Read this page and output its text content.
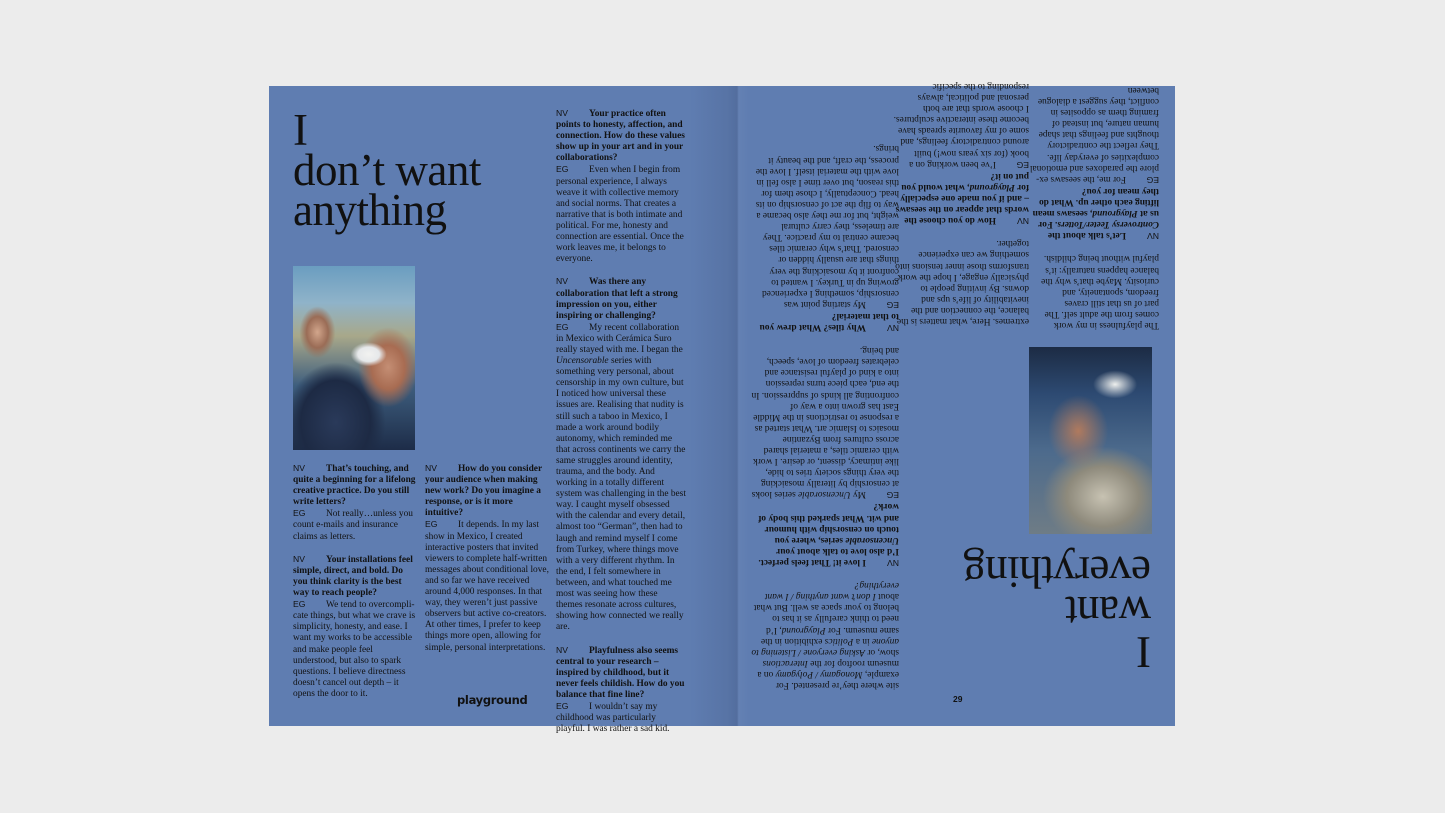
I
don’t want
anything

NV That’s touching, and quite a beginning for a lifelong creative practice. Do you still write letters?

EG Not really…unless you count e-mails and insurance claims as letters.

NV Your installations feel simple, direct, and bold. Do you think clarity is the best way to reach people?

EG We tend to overcomplicate things, but what we crave is simplicity, honesty, and ease. I want my works to be accessible and make people feel understood, but also to spark questions. I believe directness doesn’t cancel out depth – it opens the door to it.

NV How do you consider your audience when making new work? Do you imagine a response, or is it more intuitive?

EG It depends. In my last show in Mexico, I created interactive posters that invited viewers to complete half-written messages about conditional love, and so far we have received around 4,000 responses. In that way, they weren’t just passive observers but active co-creators. At other times, I prefer to keep things more open, allowing for simple, personal interpretations.

NV Your practice often points to honesty, affection, and connection. How do these values show up in your art and in your collaborations?

EG Even when I begin from personal experience, I always weave it with collective memory and social norms. That creates a narrative that is both intimate and political. For me, honesty and connection are essential. Once the work leaves me, it belongs to everyone.

NV Was there any collaboration that left a strong impression on you, either inspiring or challenging?

EG My recent collaboration in Mexico with Cerámica Suro really stayed with me. I began the Uncensorable series with something very personal, about censorship in my own culture, but I noticed how universal these issues are. Realising that nudity is still such a taboo in Mexico, I made a work around bodily autonomy, which reminded me that across continents we carry the same struggles around identity, trauma, and the body. And working in a totally different system was challenging in the best way. I caught myself obsessed with the calendar and every detail, almost too “German”, then had to laugh and remind myself I come from Turkey, where things move with a very different rhythm. In the end, I felt somewhere in between, and what touched me most was seeing how these themes resonate across cultures, showing how connected we really are.

NV Playfulness also seems central to your research – inspired by childhood, but it never feels childish. How do you balance that fine line?

EG I wouldn’t say my childhood was particularly playful. I was rather a sad kid.

playground
I
want
everything

The playfulness in my work comes from the adult self. The part of us that still craves freedom, spontaneity, and curiosity. Maybe that’s why the balance happens naturally: it’s playful without being childish.

NVLet’s talk about the Controversy Teeter/Totters. For us at Playground, seesaws mean lifting each other up. What do they mean for you?

EGFor me, the seesaws explore the paradoxes and emotional complexities of everyday life. They reflect the contradictory thoughts and feelings that shape human nature, but instead of framing them as opposites in conflict, they suggest a dialogue between

extremes. Here, what matters is the balance, the connection and the inevitability of life’s ups and downs. By inviting people to physically engage, I hope the work transforms those inner tensions into something we can experience together.

NVHow do you choose the words that appear on the seesaws – and if you made one especially for Playground, what would you put on it?

EGI’ve been working on a book (for six years now!) built around contradictory feelings, and some of my favourite spreads have become these interactive sculptures. I choose words that are both personal and political, always responding to the specific

site where they’re presented. For example, Monogamy / Polygamy on a museum rooftop for the Interactions show, or Asking everyone / Listening to anyone in a Politics exhibition in the same museum. For Playground, I’d need to think carefully as it has to belong to your space as well. But what about I don’t want anything / I want everything?

NVI love it! That feels perfect. I’d also love to talk about your Uncensorable series, where you touch on censorship with humour and wit. What sparked this body of work?

EGMy Uncensorable series looks at censorship by literally mosaicking the very things society tries to hide, like intimacy, dissent, or desire. I work with ceramic tiles, a material shared across cultures from Byzantine mosaics to Islamic art. What started as a response to restrictions in the Middle East has grown into a way of confronting all kinds of suppression. In the end, each piece turns repression into a kind of playful resistance and celebrates freedom of love, speech, and being.

NVWhy tiles? What drew you to that material?

EGMy starting point was censorship, something I experienced growing up in Turkey. I wanted to confront it by mosaicking the very things that are usually hidden or censored. That’s why ceramic tiles became central to my practice. They are timeless, they carry cultural weight, but for me they also became a way to flip the act of censorship on its head. Conceptually, I chose them for this reason, but over time I also fell in love with the material itself. I love the process, the craft, and the beauty it brings.

29
